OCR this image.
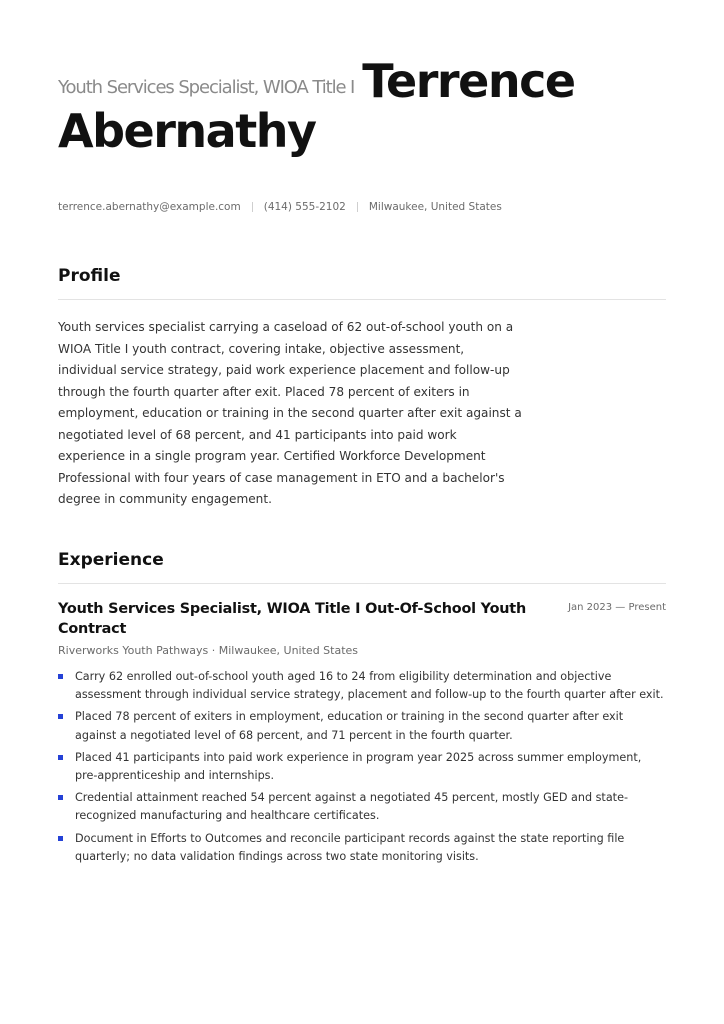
Youth Services Specialist, WIOA Title I Terrence
Abernathy
terrence.abernathy@example.com (414) 555-2102 Milwaukee, United States
Profile
Youth services specialist carrying a caseload of 62 out-of-school youth on a WIOA Title I youth contract, covering intake, objective assessment, individual service strategy, paid work experience placement and follow-up through the fourth quarter after exit. Placed 78 percent of exiters in employment, education or training in the second quarter after exit against a negotiated level of 68 percent, and 41 participants into paid work experience in a single program year. Certified Workforce Development Professional with four years of case management in ETO and a bachelor's degree in community engagement.
Experience
Youth Services Specialist, WIOA Title I Out-Of-School Youth Contract
Jan 2023 — Present
Riverworks Youth Pathways · Milwaukee, United States
Carry 62 enrolled out-of-school youth aged 16 to 24 from eligibility determination and objective assessment through individual service strategy, placement and follow-up to the fourth quarter after exit.
Placed 78 percent of exiters in employment, education or training in the second quarter after exit against a negotiated level of 68 percent, and 71 percent in the fourth quarter.
Placed 41 participants into paid work experience in program year 2025 across summer employment, pre-apprenticeship and internships.
Credential attainment reached 54 percent against a negotiated 45 percent, mostly GED and state-recognized manufacturing and healthcare certificates.
Document in Efforts to Outcomes and reconcile participant records against the state reporting file quarterly; no data validation findings across two state monitoring visits.
